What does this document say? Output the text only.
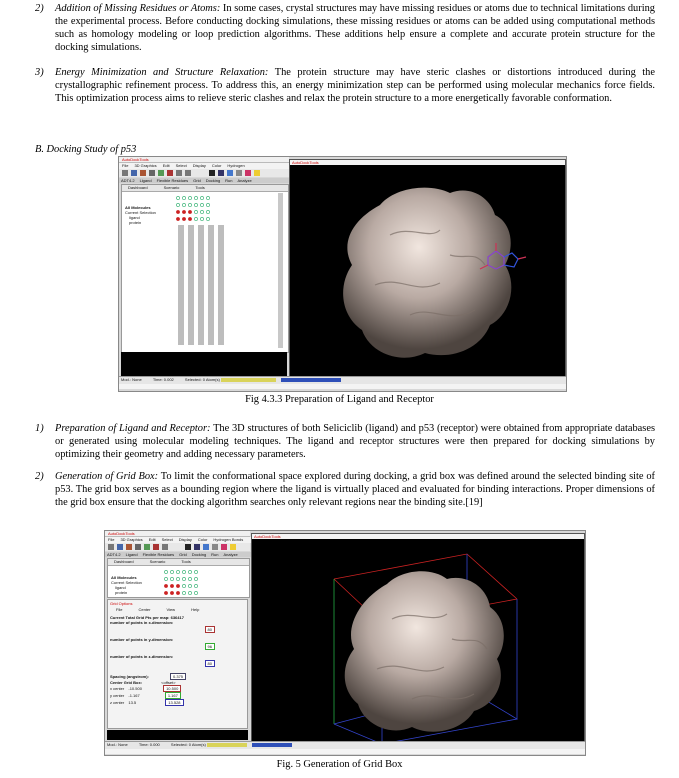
2) Addition of Missing Residues or Atoms: In some cases, crystal structures may have missing residues or atoms due to technical limitations during the experimental process. Before conducting docking simulations, these missing residues or atoms can be added using computational methods such as homology modeling or loop prediction algorithms. These additions help ensure a complete and accurate protein structure for the docking simulations.
3) Energy Minimization and Structure Relaxation: The protein structure may have steric clashes or distortions introduced during the crystallographic refinement process. To address this, an energy minimization step can be performed using molecular mechanics force fields. This optimization process aims to relieve steric clashes and relax the protein structure to a more energetically favorable conformation.
B. Docking Study of p53
AutoDockTools
File 3D Graphics Edit Select Display Color Hydrogen
ADT4.2 Ligand Flexible Residues Grid Docking Run Analyze
Dashboard	Scenario	Tools
All Molecules
Current Selection
ligand
protein
AutoDockTools
Mod.: None	Time: 0.002	Selected: 0 Atom(s)
Fig 4.3.3 Preparation of Ligand and Receptor
1) Preparation of Ligand and Receptor: The 3D structures of both Seliciclib (ligand) and p53 (receptor) were obtained from appropriate databases or generated using molecular modeling techniques. The ligand and receptor structures were then prepared for docking simulations by optimizing their geometry and adding necessary parameters.
2) Generation of Grid Box: To limit the conformational space explored during docking, a grid box was defined around the selected binding site of p53. The grid box serves as a bounding region where the ligand is virtually placed and evaluated for binding interactions. Proper dimensions of the grid box ensure that the docking algorithm searches only relevant regions near the binding site.[19]
AutoDockTools
File 3D Graphics Edit Select Display Color Hydrogen Bonds
ADT4.2 Ligand Flexible Residues Grid Docking Run Analyze
Dashboard	Scenario	Tools
All Molecules
Current Selection
ligand
protein
Grid Options
File	Center	View	Help
Current Total Grid Pts per map: 636417
number of points in x-dimension:
80
number of points in y-dimension:
96
number of points in z-dimension:
80
Spacing (angstrom):	0.375
Center Grid Box:	<offset>
x center -10.500	10.500
y center -1.167	1.167
z center 13.5	13.528
AutoDockTools
Mod.: None	Time: 0.000	Selected: 0 Atom(s)
Fig. 5 Generation of Grid Box
